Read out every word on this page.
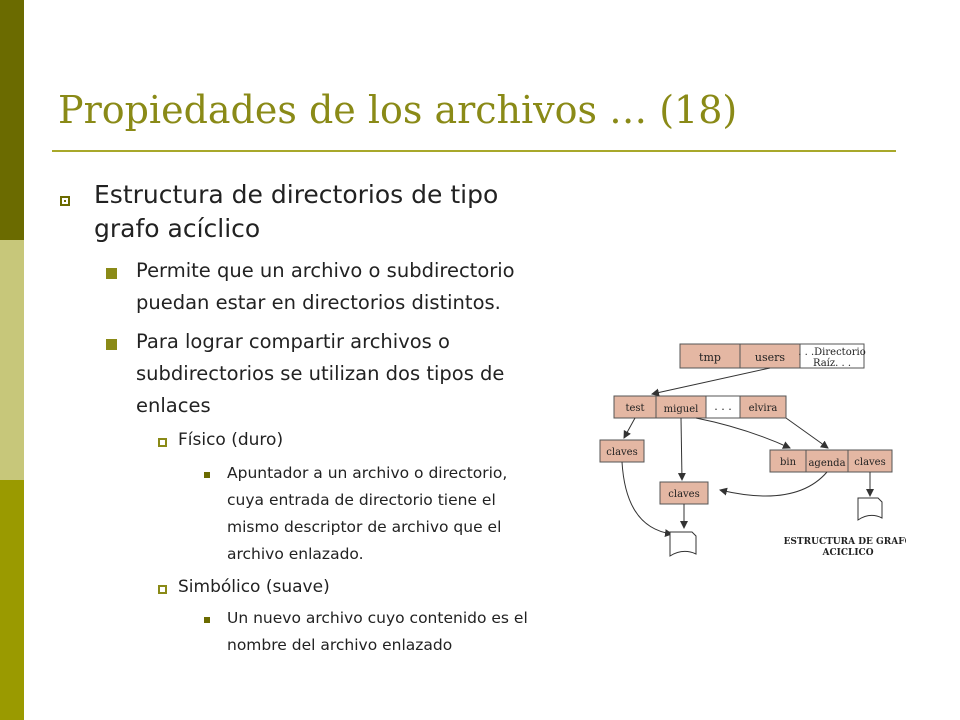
Propiedades de los archivos … (18)
Estructura de directorios de tipo
grafo acíclico
Permite que un archivo o subdirectorio
puedan estar en directorios distintos.
Para lograr compartir archivos o
subdirectorios se utilizan dos tipos de
enlaces
Físico (duro)
Apuntador a un archivo o directorio,
cuya entrada de directorio tiene el
mismo descriptor de archivo que el
archivo enlazado.
Simbólico (suave)
Un nuevo archivo cuyo contenido es el
nombre del archivo enlazado
tmp	users . . .Directorio
Raíz. . .
test miguel . . . elvira
claves
claves
bin agenda claves
ESTRUCTURA DE GRAFO
ACICLICO
